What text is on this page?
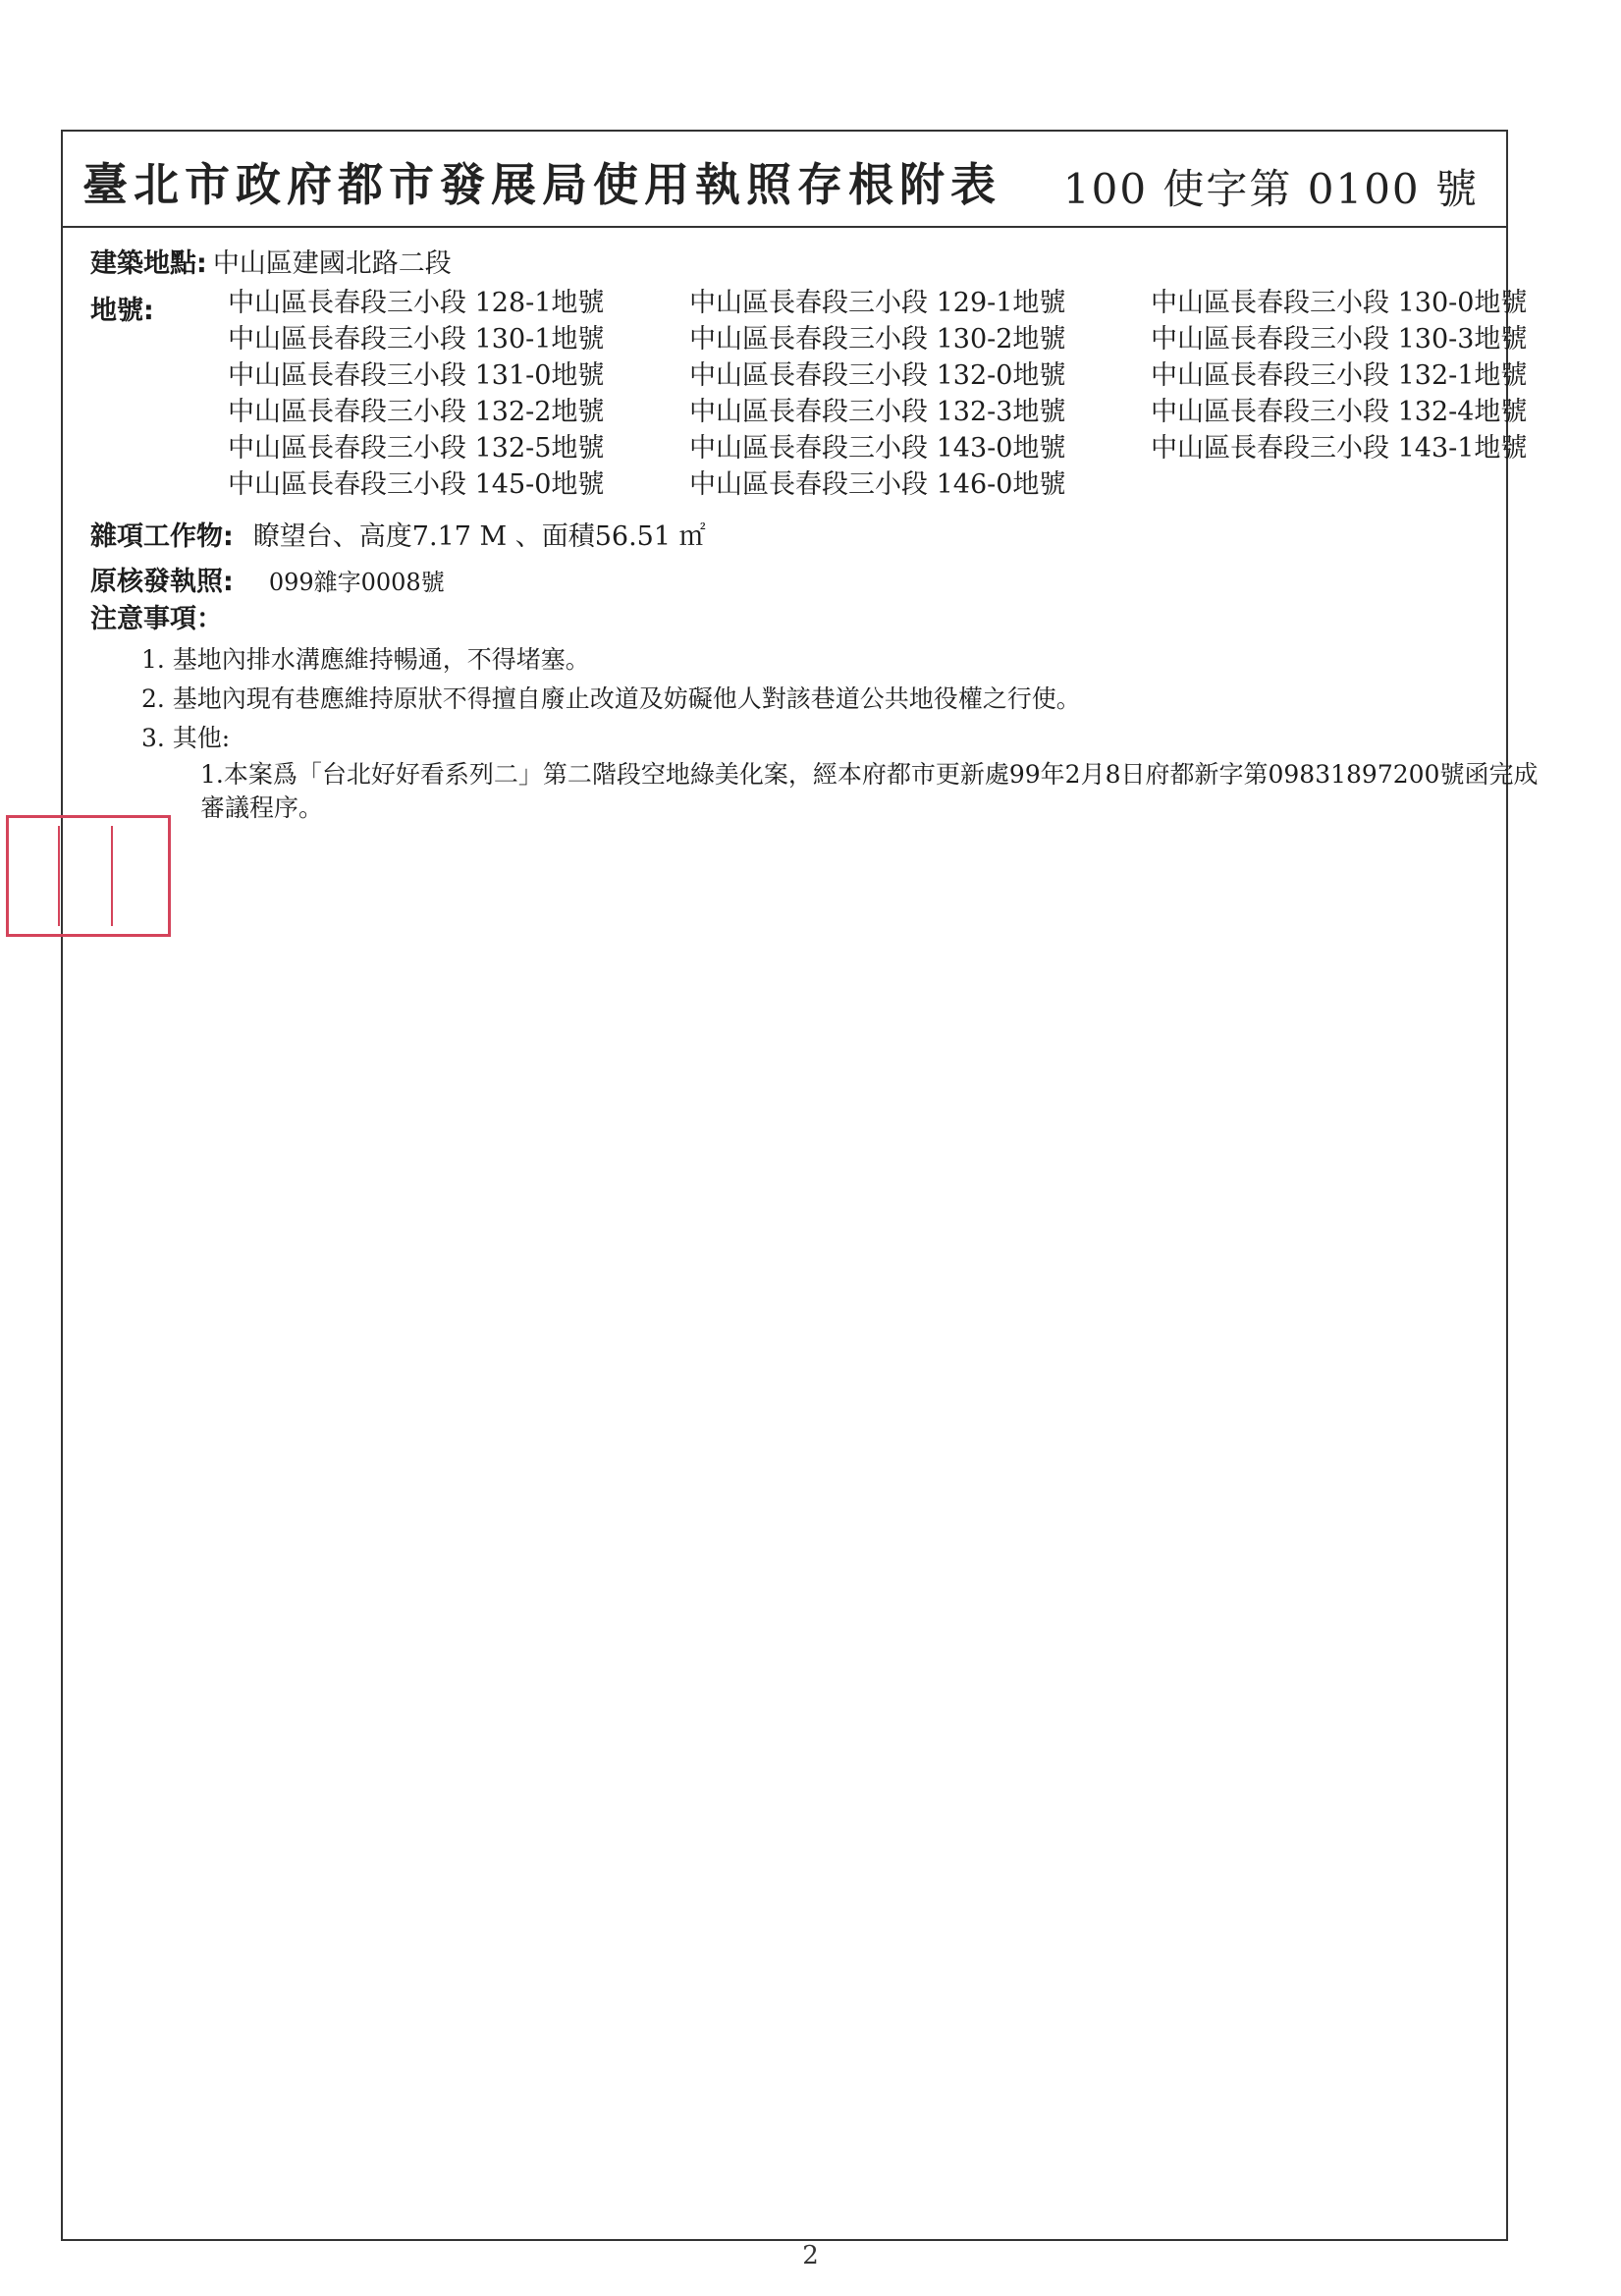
臺北市政府都市發展局使用執照存根附表 100 使字第 0100 號
建築地點: 中山區建國北路二段
地號:	中山區長春段三小段 128-1地號	中山區長春段三小段 129-1地號	中山區長春段三小段 130-0地號
中山區長春段三小段 130-1地號	中山區長春段三小段 130-2地號	中山區長春段三小段 130-3地號
中山區長春段三小段 131-0地號	中山區長春段三小段 132-0地號	中山區長春段三小段 132-1地號
中山區長春段三小段 132-2地號	中山區長春段三小段 132-3地號	中山區長春段三小段 132-4地號
中山區長春段三小段 132-5地號	中山區長春段三小段 143-0地號	中山區長春段三小段 143-1地號
中山區長春段三小段 145-0地號	中山區長春段三小段 146-0地號
雜項工作物: 瞭望台、高度7.17 M 、面積56.51 ㎡
原核發執照: 099雜字0008號
注意事項：
1. 基地內排水溝應維持暢通，不得堵塞。
2. 基地內現有巷應維持原狀不得擅自廢止改道及妨礙他人對該巷道公共地役權之行使。
3. 其他:
1.本案爲「台北好好看系列二」第二階段空地綠美化案，經本府都市更新處99年2月8日府都新字第09831897200號函完成審議程序。
2
